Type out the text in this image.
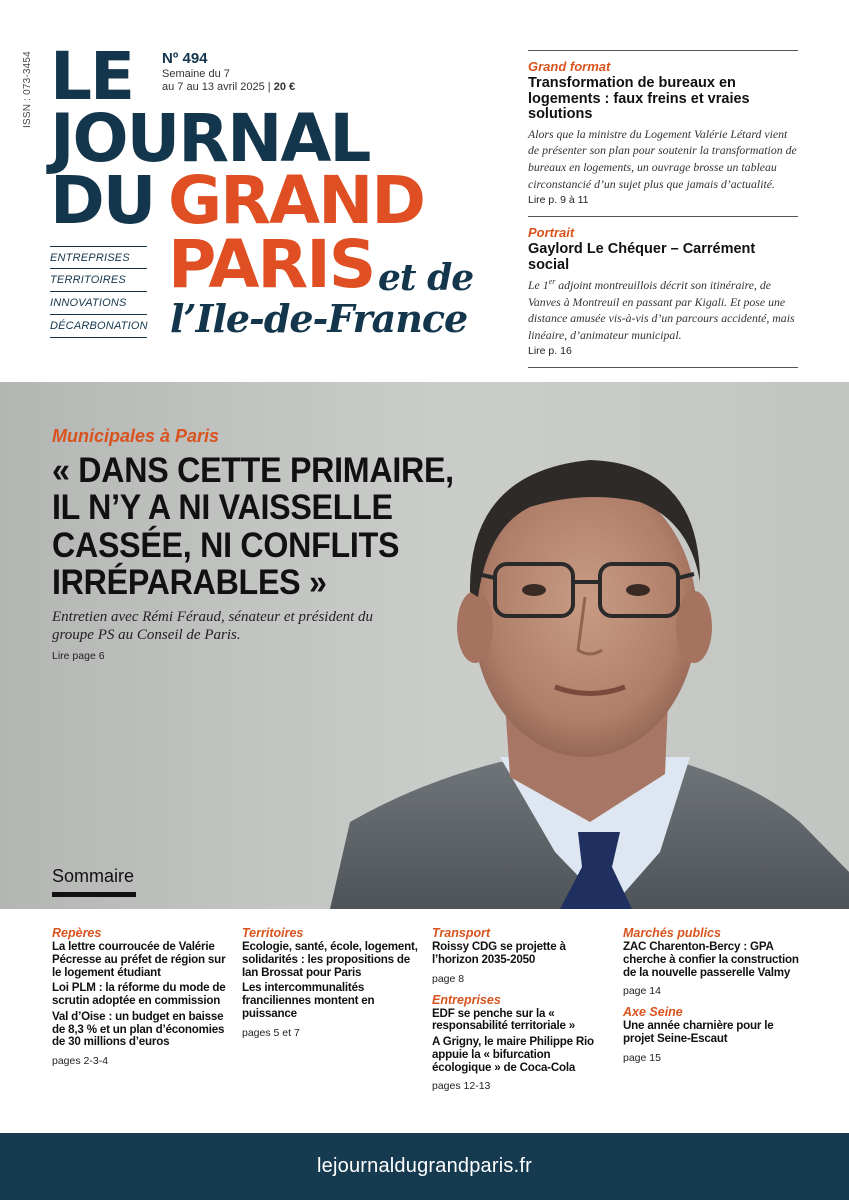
ISSN : 073-3454 LE
JOURNAL
DU GRAND
PARIS et de
l’Ile-de-France
Nº 494
Semaine du 7
au 7 au 13 avril 2025 | 20 €
ENTREPRISES
TERRITOIRES
INNOVATIONS
DÉCARBONATION
Grand format
Transformation de bureaux en logements : faux freins et vraies solutions
Alors que la ministre du Logement Valérie Létard vient de présenter son plan pour soutenir la transformation de bureaux en logements, un ouvrage brosse un tableau circonstancié d’un sujet plus que jamais d’actualité.
Lire p. 9 à 11
Portrait
Gaylord Le Chéquer – Carrément social
Le 1er adjoint montreuillois décrit son itinéraire, de Vanves à Montreuil en passant par Kigali. Et pose une distance amusée vis-à-vis d’un parcours accidenté, mais linéaire, d’animateur municipal.
Lire p. 16
Municipales à Paris
« DANS CETTE PRIMAIRE, IL N’Y A NI VAISSELLE CASSÉE, NI CONFLITS IRRÉPARABLES »
Entretien avec Rémi Féraud, sénateur et président du groupe PS au Conseil de Paris.
Lire page 6
Sommaire
Repères
La lettre courroucée de Valérie Pécresse au préfet de région sur le logement étudiant
Loi PLM : la réforme du mode de scrutin adoptée en commission
Val d’Oise : un budget en baisse de 8,3 % et un plan d’économies de 30 millions d’euros
pages 2-3-4
Territoires
Ecologie, santé, école, logement, solidarités : les propositions de Ian Brossat pour Paris
Les intercommunalités franciliennes montent en puissance
pages 5 et 7
Transport
Roissy CDG se projette à l’horizon 2035-2050
page 8
Entreprises
EDF se penche sur la « responsabilité territoriale »
A Grigny, le maire Philippe Rio appuie la « bifurcation écologique » de Coca-Cola
pages 12-13
Marchés publics
ZAC Charenton-Bercy : GPA cherche à confier la construction de la nouvelle passerelle Valmy
page 14
Axe Seine
Une année charnière pour le projet Seine-Escaut
page 15
lejournaldugrandparis.fr
